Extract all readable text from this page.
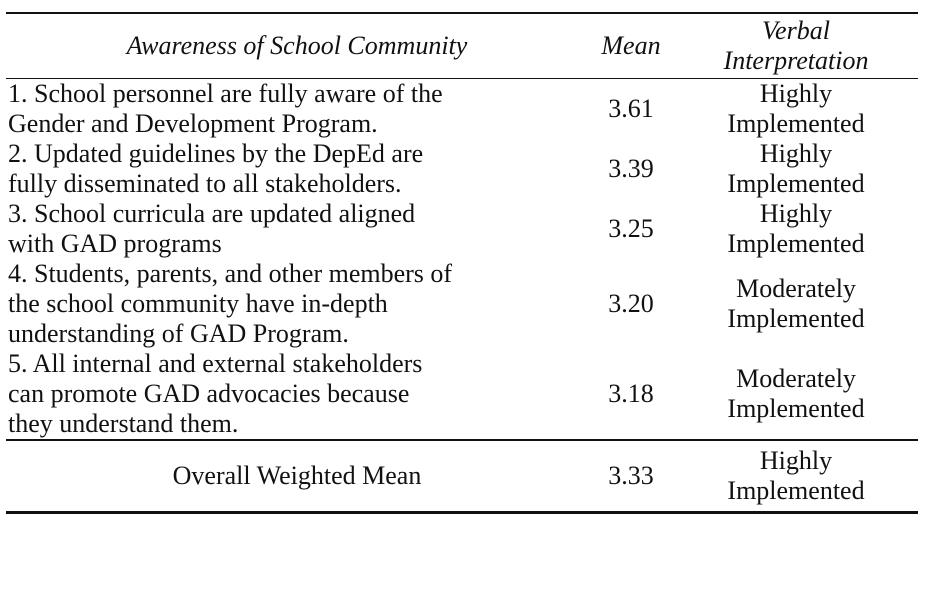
Awareness of School Community	Mean	Verbal
Interpretation

1. School personnel are fully aware of the
Gender and Development Program.	3.61	Highly
Implemented

2. Updated guidelines by the DepEd are
fully disseminated to all stakeholders.	3.39	Highly
Implemented

3. School curricula are updated aligned
with GAD programs	3.25	Highly
Implemented

4. Students, parents, and other members of
the school community have in-depth
understanding of GAD Program.	3.20	Moderately
Implemented

5. All internal and external stakeholders
can promote GAD advocacies because
they understand them.	3.18	Moderately
Implemented

Overall Weighted Mean	3.33	Highly
Implemented
